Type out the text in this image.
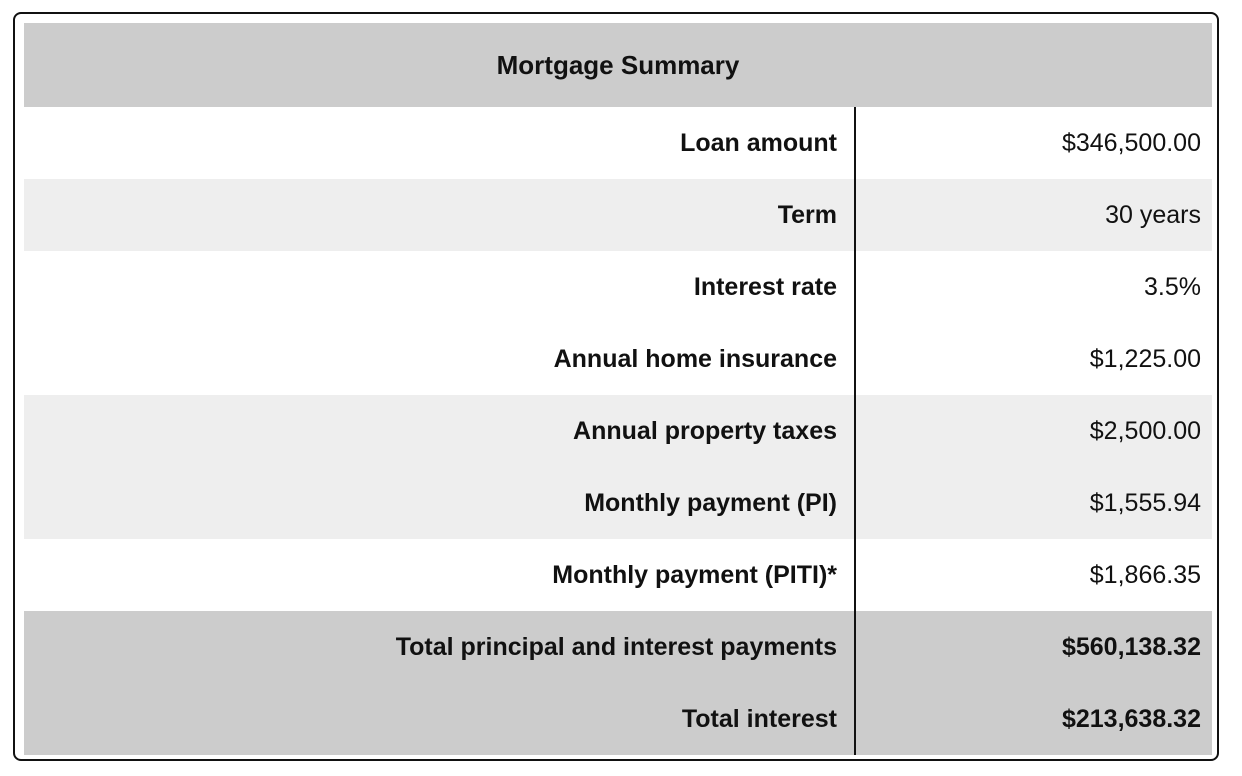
Mortgage Summary
Loan amount	$346,500.00
Term	30 years
Interest rate	3.5%
Annual home insurance	$1,225.00
Annual property taxes	$2,500.00
Monthly payment (PI)	$1,555.94
Monthly payment (PITI)*	$1,866.35
Total principal and interest payments	$560,138.32
Total interest	$213,638.32
